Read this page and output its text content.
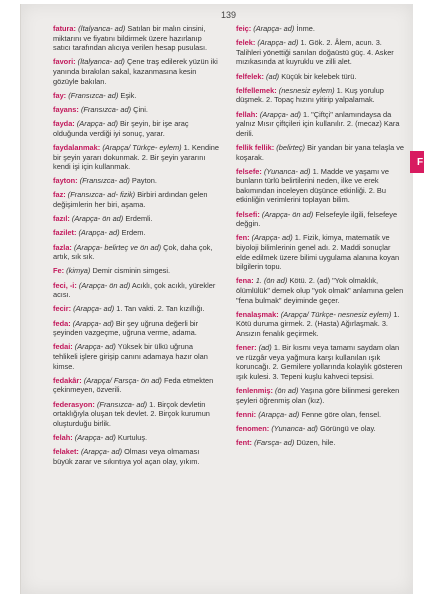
139

fatura: (İtalyanca- ad) Satılan bir malın cinsini, miktarını ve fiyatını bildirmek üzere hazırlanıp satıcı tarafından alıcıya verilen hesap pusulası.

favori: (İtalyanca- ad) Çene traş edilerek yüzün iki yanında bırakılan sakal, kazanmasına kesin gözüyle bakılan.

fay: (Fransızca- ad) Eşik.

fayans: (Fransızca- ad) Çini.

fayda: (Arapça- ad) Bir şeyin, bir işe araç olduğunda verdiği iyi sonuç, yarar.

faydalanmak: (Arapça/ Türkçe- eylem) 1. Kendine bir şeyin yararı dokunmak. 2. Bir şeyin yararını kendi işi için kullanmak.

fayton: (Fransızca- ad) Payton.

faz: (Fransızca- ad- fizik) Birbiri ardından gelen değişimlerin her biri, aşama.

fazıl: (Arapça- ön ad) Erdemli.

fazilet: (Arapça- ad) Erdem.

fazla: (Arapça- belirteç ve ön ad) Çok, daha çok, artık, sık sık.

Fe: (kimya) Demir cisminin simgesi.

feci, -i: (Arapça- ön ad) Acıklı, çok acıklı, yürekler acısı.

fecir: (Arapça- ad) 1. Tan vakti. 2. Tan kızıllığı.

feda: (Arapça- ad) Bir şey uğruna değerli bir şeyinden vazgeçme, uğruna verme, adama.

fedai: (Arapça- ad) Yüksek bir ülkü uğruna tehlikeli işlere girişip canını adamaya hazır olan kimse.

fedakâr: (Arapça/ Farsça- ön ad) Feda etmekten çekinmeyen, özverili.

federasyon: (Fransızca- ad) 1. Birçok devletin ortaklığıyla oluşan tek devlet. 2. Birçok kurumun oluşturduğu birlik.

felah: (Arapça- ad) Kurtuluş.

felaket: (Arapça- ad) Olması veya olmaması büyük zarar ve sıkıntıya yol açan olay, yıkım.

feiç: (Arapça- ad) İnme.

felek: (Arapça- ad) 1. Gök. 2. Âlem, acun. 3. Talihleri yönettiği sanılan doğaüstü güç. 4. Asker mızıkasında at kuyruklu ve zilli alet.

felfelek: (ad) Küçük bir kelebek türü.

felfellemek: (nesnesiz eylem) 1. Kuş yorulup düşmek. 2. Topaç hızını yitirip yalpalamak.

fellah: (Arapça- ad) 1. "Çiftçi" anlamındaysa da yalnız Mısır çiftçileri için kullanılır. 2. (mecaz) Kara derili.

fellik fellik: (belirteç) Bir yandan bir yana telaşla ve koşarak.

felsefe: (Yunanca- ad) 1. Madde ve yaşamı ve bunların türlü belirtilerini neden, ilke ve erek bakımından inceleyen düşünce etkinliği. 2. Bu etkinliğin verimlerini toplayan bilim.

felsefi: (Arapça- ön ad) Felsefeyle ilgili, felsefeye değgin.

fen: (Arapça- ad) 1. Fizik, kimya, matematik ve biyoloji bilimlerinin genel adı. 2. Maddi sonuçlar elde edilmek üzere bilimi uygulama alanına koyan bilgilerin topu.

fena: 1. (ön ad) Kötü. 2. (ad) "Yok olmaklık, ölümlülük" demek olup "yok olmak" anlamına gelen "fena bulmak" deyiminde geçer.

fenalaşmak: (Arapça/ Türkçe- nesnesiz eylem) 1. Kötü duruma girmek. 2. (Hasta) Ağırlaşmak. 3. Ansızın fenalık geçirmek.

fener: (ad) 1. Bir kısmı veya tamamı saydam olan ve rüzgâr veya yağmura karşı kullanılan ışık koruncağı. 2. Gemilere yollarında kolaylık gösteren ışık kulesi. 3. Tepeni kuşlu kahveci tepsisi.

fenlenmiş: (ön ad) Yaşına göre bilinmesi gereken şeyleri öğrenmiş olan (kız).

fenni: (Arapça- ad) Fenne göre olan, fensel.

fenomen: (Yunanca- ad) Görüngü ve olay.

fent: (Farsça- ad) Düzen, hile.

F
